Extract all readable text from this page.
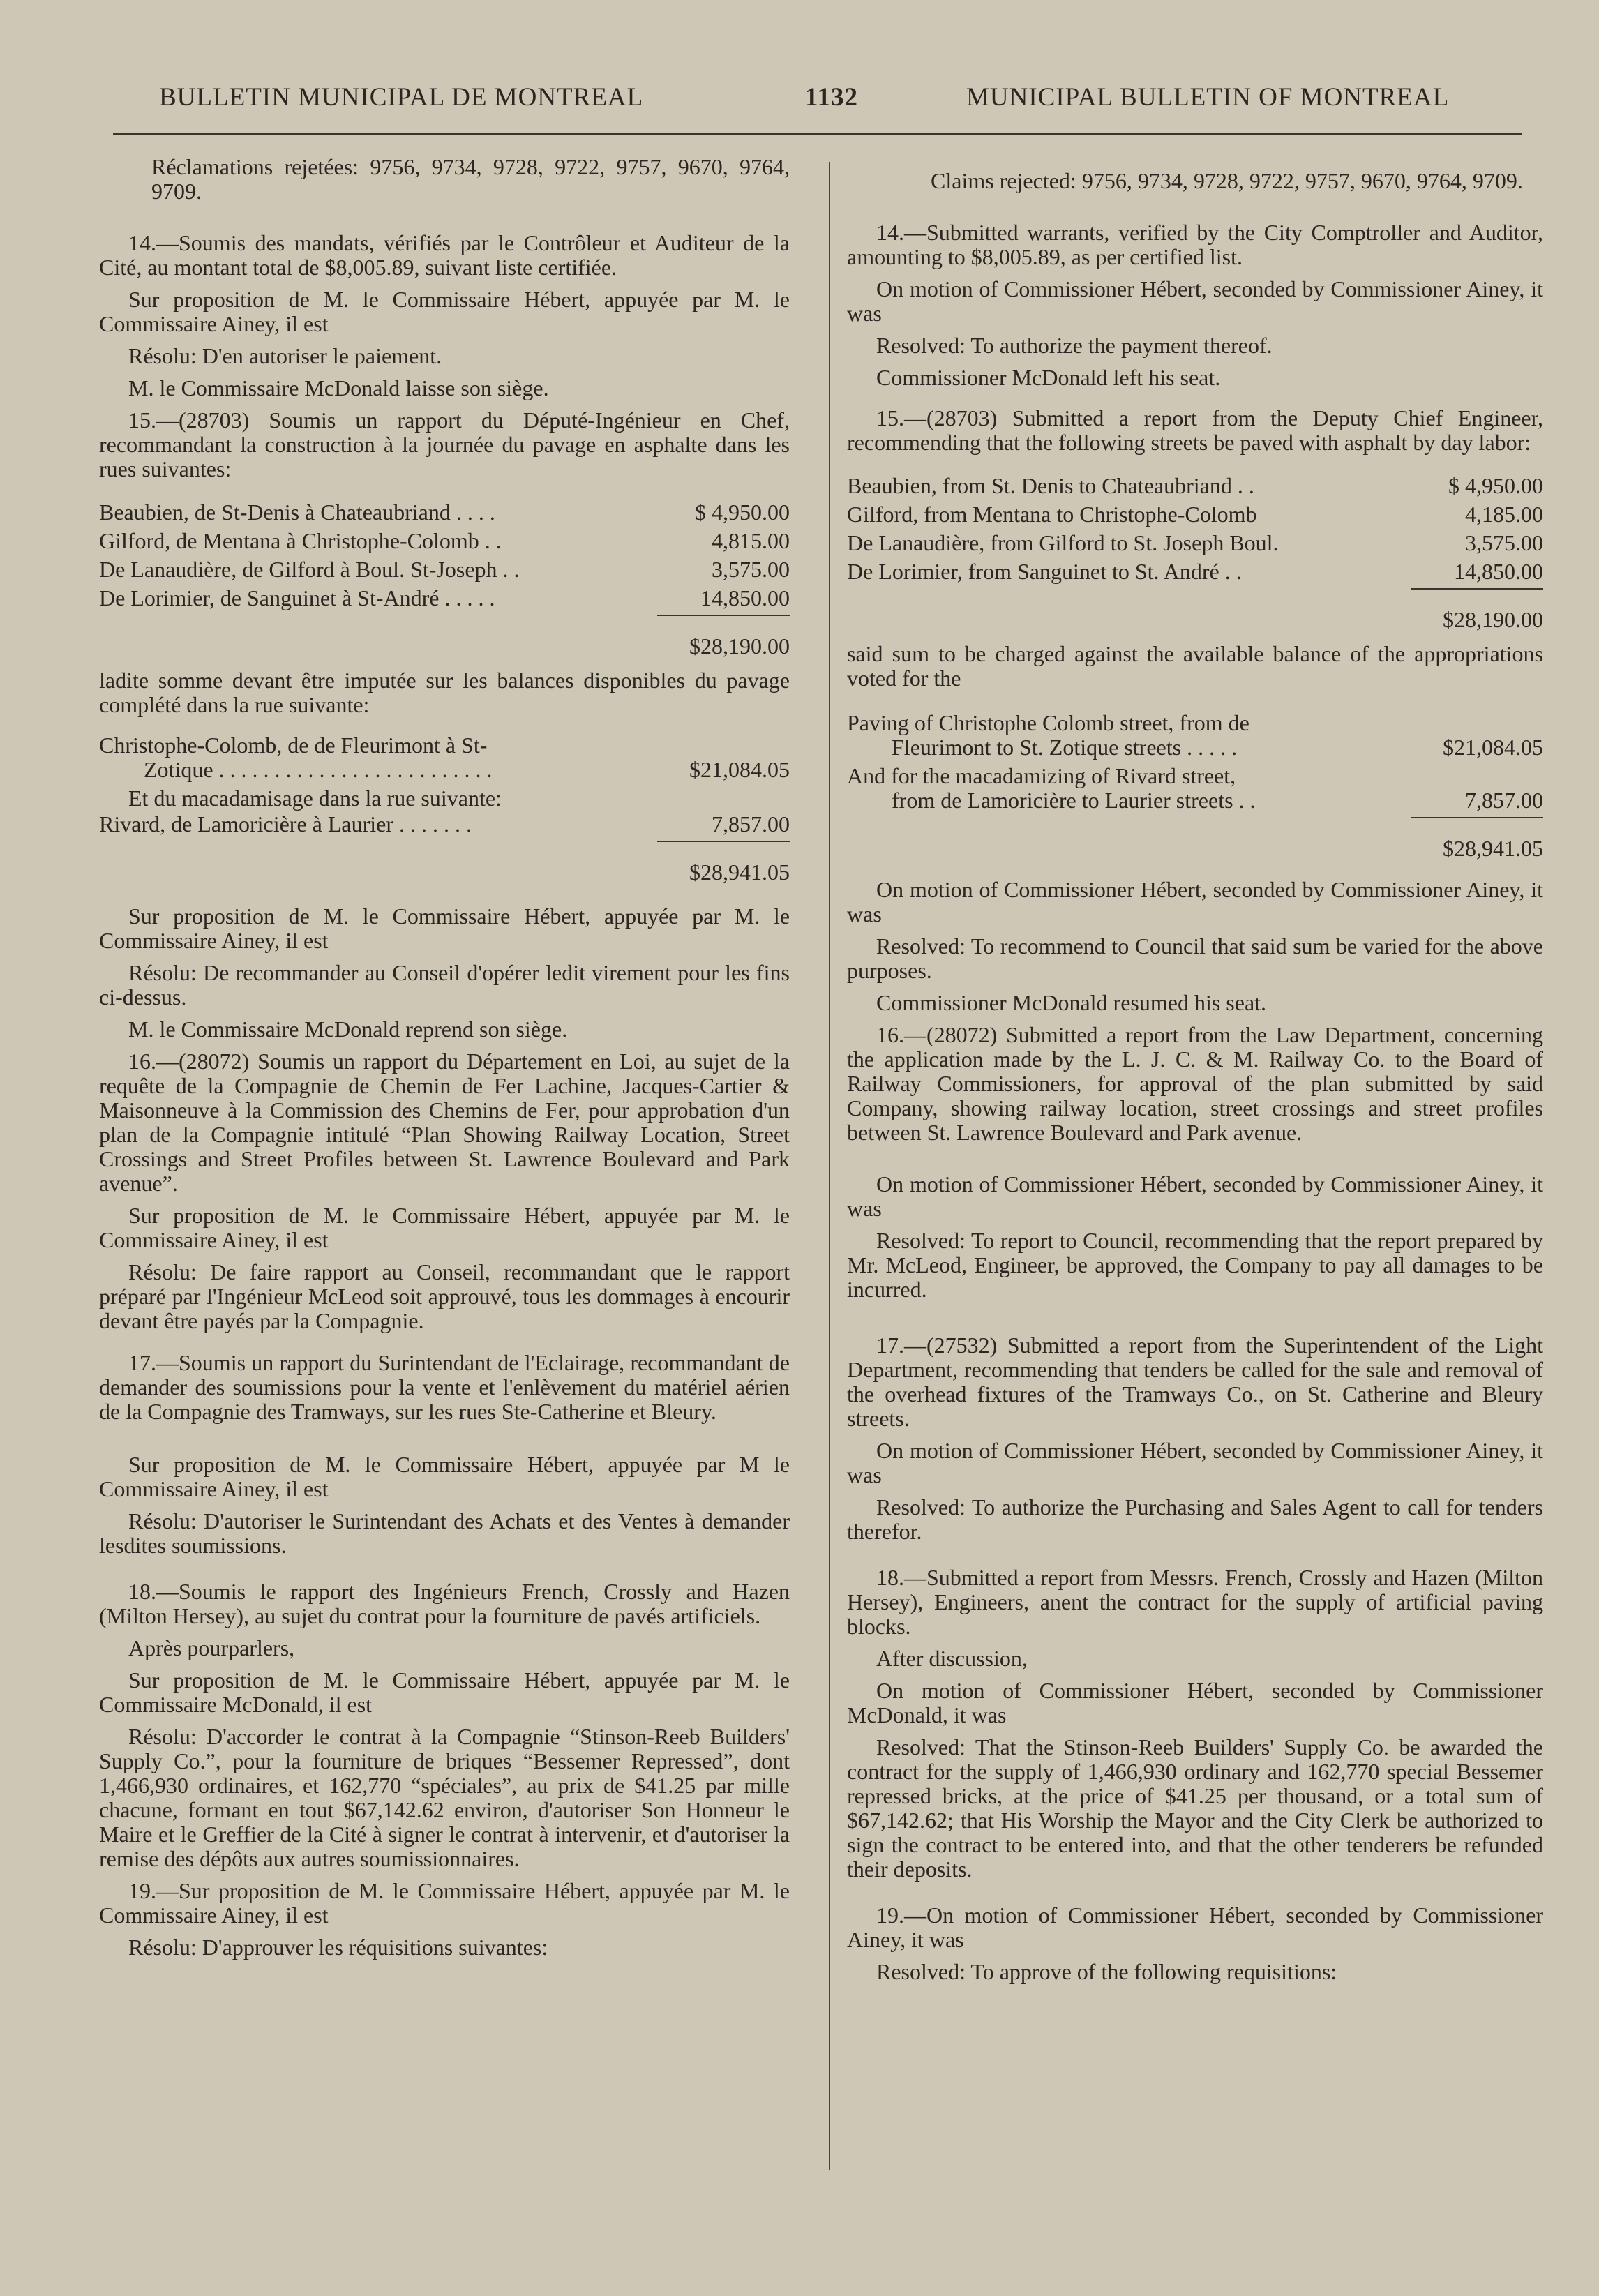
BULLETIN MUNICIPAL DE MONTREAL	1132	MUNICIPAL BULLETIN OF MONTREAL

Réclamations rejetées: 9756, 9734, 9728, 9722, 9757, 9670, 9764, 9709.

14.—Soumis des mandats, vérifiés par le Contrôleur et Auditeur de la Cité, au montant total de $8,005.89, suivant liste certifiée.

Sur proposition de M. le Commissaire Hébert, appuyée par M. le Commissaire Ainey, il est

Résolu: D'en autoriser le paiement.

M. le Commissaire McDonald laisse son siège.

15.—(28703) Soumis un rapport du Député-Ingénieur en Chef, recommandant la construction à la journée du pavage en asphalte dans les rues suivantes:

Beaubien, de St-Denis à Chateaubriand . . . .	$ 4,950.00
Gilford, de Mentana à Christophe-Colomb . .	4,815.00
De Lanaudière, de Gilford à Boul. St-Joseph . .	3,575.00
De Lorimier, de Sanguinet à St-André . . . . .	14,850.00
$28,190.00

ladite somme devant être imputée sur les balances disponibles du pavage complété dans la rue suivante:

Christophe-Colomb, de de Fleurimont à St-
Zotique . . . . . . . . . . . . . . . . . . . . . . . . .	$21,084.05

Et du macadamisage dans la rue suivante:

Rivard, de Lamoricière à Laurier . . . . . . .	7,857.00
$28,941.05

Sur proposition de M. le Commissaire Hébert, appuyée par M. le Commissaire Ainey, il est

Résolu: De recommander au Conseil d'opérer ledit virement pour les fins ci-dessus.

M. le Commissaire McDonald reprend son siège.

16.—(28072) Soumis un rapport du Département en Loi, au sujet de la requête de la Compagnie de Chemin de Fer Lachine, Jacques-Cartier & Maisonneuve à la Commission des Chemins de Fer, pour approbation d'un plan de la Compagnie intitulé “Plan Showing Railway Location, Street Crossings and Street Profiles between St. Lawrence Boulevard and Park avenue”.

Sur proposition de M. le Commissaire Hébert, appuyée par M. le Commissaire Ainey, il est

Résolu: De faire rapport au Conseil, recommandant que le rapport préparé par l'Ingénieur McLeod soit approuvé, tous les dommages à encourir devant être payés par la Compagnie.

17.—Soumis un rapport du Surintendant de l'Eclairage, recommandant de demander des soumissions pour la vente et l'enlèvement du matériel aérien de la Compagnie des Tramways, sur les rues Ste-Catherine et Bleury.

Sur proposition de M. le Commissaire Hébert, appuyée par M le Commissaire Ainey, il est

Résolu: D'autoriser le Surintendant des Achats et des Ventes à demander lesdites soumissions.

18.—Soumis le rapport des Ingénieurs French, Crossly and Hazen (Milton Hersey), au sujet du contrat pour la fourniture de pavés artificiels.

Après pourparlers,

Sur proposition de M. le Commissaire Hébert, appuyée par M. le Commissaire McDonald, il est

Résolu: D'accorder le contrat à la Compagnie “Stinson-Reeb Builders' Supply Co.”, pour la fourniture de briques “Bessemer Repressed”, dont 1,466,930 ordinaires, et 162,770 “spéciales”, au prix de $41.25 par mille chacune, formant en tout $67,142.62 environ, d'autoriser Son Honneur le Maire et le Greffier de la Cité à signer le contrat à intervenir, et d'autoriser la remise des dépôts aux autres soumissionnaires.

19.—Sur proposition de M. le Commissaire Hébert, appuyée par M. le Commissaire Ainey, il est

Résolu: D'approuver les réquisitions suivantes:

Claims rejected: 9756, 9734, 9728, 9722, 9757, 9670, 9764, 9709.

14.—Submitted warrants, verified by the City Comptroller and Auditor, amounting to $8,005.89, as per certified list.

On motion of Commissioner Hébert, seconded by Commissioner Ainey, it was

Resolved: To authorize the payment thereof.

Commissioner McDonald left his seat.

15.—(28703) Submitted a report from the Deputy Chief Engineer, recommending that the following streets be paved with asphalt by day labor:

Beaubien, from St. Denis to Chateaubriand . .	$ 4,950.00
Gilford, from Mentana to Christophe-Colomb	4,185.00
De Lanaudière, from Gilford to St. Joseph Boul.	3,575.00
De Lorimier, from Sanguinet to St. André . .	14,850.00
$28,190.00

said sum to be charged against the available balance of the appropriations voted for the

Paving of Christophe Colomb street, from de
Fleurimont to St. Zotique streets . . . . .	$21,084.05
And for the macadamizing of Rivard street,
from de Lamoricière to Laurier streets . .	7,857.00
$28,941.05

On motion of Commissioner Hébert, seconded by Commissioner Ainey, it was

Resolved: To recommend to Council that said sum be varied for the above purposes.

Commissioner McDonald resumed his seat.

16.—(28072) Submitted a report from the Law Department, concerning the application made by the L. J. C. & M. Railway Co. to the Board of Railway Commissioners, for approval of the plan submitted by said Company, showing railway location, street crossings and street profiles between St. Lawrence Boulevard and Park avenue.

On motion of Commissioner Hébert, seconded by Commissioner Ainey, it was

Resolved: To report to Council, recommending that the report prepared by Mr. McLeod, Engineer, be approved, the Company to pay all damages to be incurred.

17.—(27532) Submitted a report from the Superintendent of the Light Department, recommending that tenders be called for the sale and removal of the overhead fixtures of the Tramways Co., on St. Catherine and Bleury streets.

On motion of Commissioner Hébert, seconded by Commissioner Ainey, it was

Resolved: To authorize the Purchasing and Sales Agent to call for tenders therefor.

18.—Submitted a report from Messrs. French, Crossly and Hazen (Milton Hersey), Engineers, anent the contract for the supply of artificial paving blocks.

After discussion,

On motion of Commissioner Hébert, seconded by Commissioner McDonald, it was

Resolved: That the Stinson-Reeb Builders' Supply Co. be awarded the contract for the supply of 1,466,930 ordinary and 162,770 special Bessemer repressed bricks, at the price of $41.25 per thousand, or a total sum of $67,142.62; that His Worship the Mayor and the City Clerk be authorized to sign the contract to be entered into, and that the other tenderers be refunded their deposits.

19.—On motion of Commissioner Hébert, seconded by Commissioner Ainey, it was

Resolved: To approve of the following requisitions:
